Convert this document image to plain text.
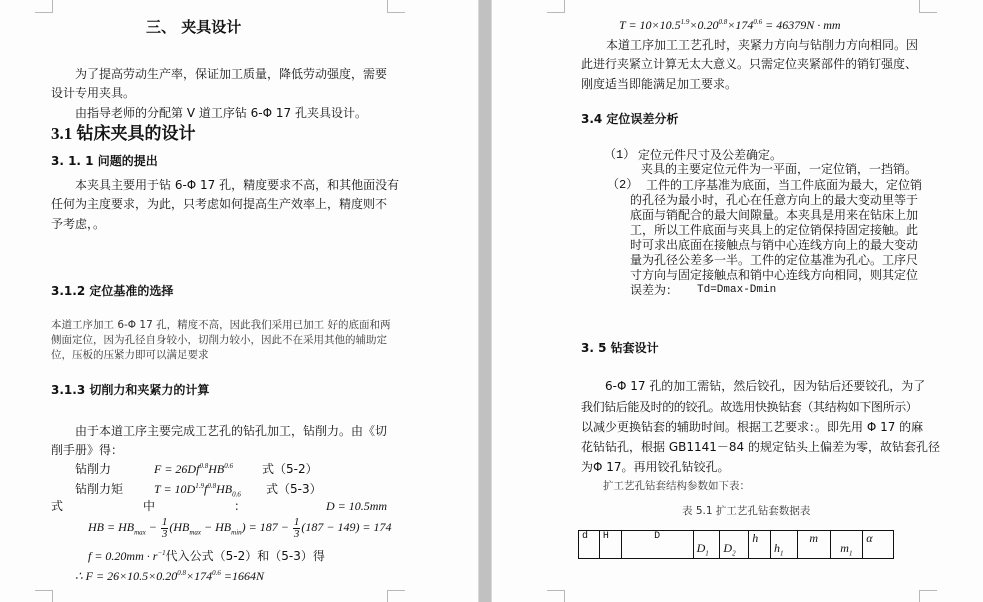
三、 夹具设计
为了提高劳动生产率，保证加工质量，降低劳动强度，需要
设计专用夹具。
由指导老师的分配第 V 道工序钻 6-Φ 17 孔夹具设计。
3.1 钻床夹具的设计
3. 1. 1 问题的提出
本夹具主要用于钻 6-Φ 17 孔，精度要求不高，和其他面没有
任何为主度要求，为此，只考虑如何提高生产效率上，精度则不
予考虑，。
3.1.2 定位基准的选择
本道工序加工 6-Φ 17 孔，精度不高，因此我们采用已加工 好的底面和两
侧面定位，因为孔径自身较小，切削力较小，因此不在采用其他的辅助定
位，压板的压紧力即可以满足要求
3.1.3 切削力和夹紧力的计算
由于本道工序主要完成工艺孔的钻孔加工，钻削力。由《切
削手册》得：
钻削力	$F = 26Df^{0.8}HB^{0.6}$ 式（5-2）
钻削力矩	$T = 10D^{1.9}f^{0.8}HB_{0.6}$ 式（5-3）
式	中	：	D = 10.5mm
HB = $HB_{max} - \frac{1}{3} (HB_{max} - HB_{min}) = 187 - \frac{1}{3} (187 - 149) = 174$
$f = 0.20mm \cdot r^{-1}$代入公式（5-2）和（5-3）得
∴ $F = 26\times 10.5\times 0.20^{0.8}\times 174^{0.6} =1664N$
$T = 10\times 10.5^{1.9}\times 0.20^{0.8}\times 174^{0.6} = 46379N$ · mm
本道工序加工工艺孔时，夹紧力方向与钻削力方向相同。因
此进行夹紧立计算无太大意义。只需定位夹紧部件的销钉强度、
刚度适当即能满足加工要求。
3.4 定位误差分析
（1） 定位元件尺寸及公差确定。
夹具的主要定位元件为一平面，一定位销，一挡销。
（2） 工件的工序基准为底面，当工件底面为最大，定位销
的孔径为最小时，孔心在任意方向上的最大变动里等于
底面与销配合的最大间隙量。本夹具是用来在钻床上加
工，所以工件底面与夹具上的定位销保持固定接触。此
时可求出底面在接触点与销中心连线方向上的最大变动
量为孔径公差多一半。工件的定位基准为孔心。工序尺
寸方向与固定接触点和销中心连线方向相同，则其定位
误差为： Td=Dmax-Dmin
3. 5 钻套设计
6-Φ 17 孔的加工需钻，然后铰孔，因为钻后还要铰孔，为了
我们钻后能及时的的铰孔。故选用快换钻套（其结构如下图所示）
以减少更换钻套的辅助时间。根据工艺要求：。即先用 Φ 17 的麻
花钻钻孔，根据 GB1141－84 的规定钻头上偏差为零，故钻套孔径
为Φ 17。再用铰孔钻铰孔。
扩工艺孔钻套结构参数如下表：
表 5.1 扩工艺孔钻套数据表
d	H	D	$D_1$	$D_2$	h	$h_1$	m	$m_1$	α
